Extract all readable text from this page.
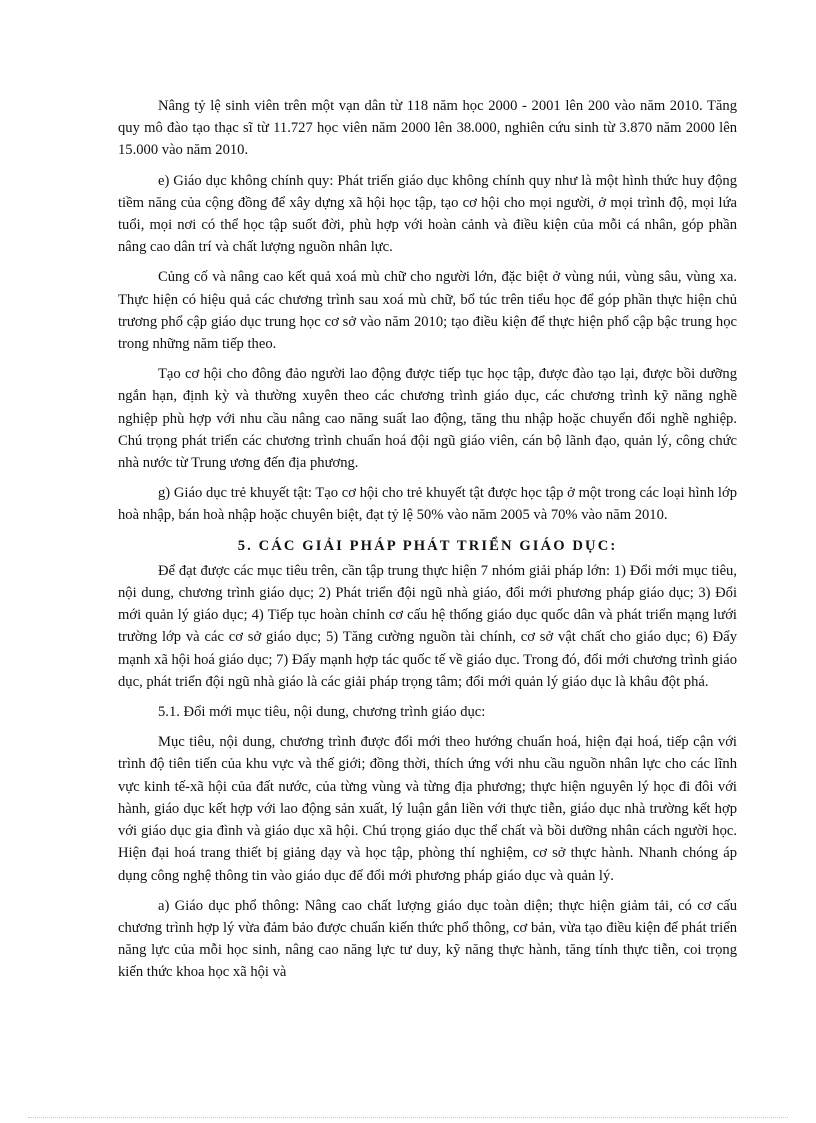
Nâng tỷ lệ sinh viên trên một vạn dân từ 118 năm học 2000 - 2001 lên 200 vào năm 2010. Tăng quy mô đào tạo thạc sĩ từ 11.727 học viên năm 2000 lên 38.000, nghiên cứu sinh từ 3.870 năm 2000 lên 15.000 vào năm 2010.

e) Giáo dục không chính quy: Phát triển giáo dục không chính quy như là một hình thức huy động tiềm năng của cộng đồng để xây dựng xã hội học tập, tạo cơ hội cho mọi người, ở mọi trình độ, mọi lứa tuổi, mọi nơi có thể học tập suốt đời, phù hợp với hoàn cảnh và điều kiện của mỗi cá nhân, góp phần nâng cao dân trí và chất lượng nguồn nhân lực.

Củng cố và nâng cao kết quả xoá mù chữ cho người lớn, đặc biệt ở vùng núi, vùng sâu, vùng xa. Thực hiện có hiệu quả các chương trình sau xoá mù chữ, bổ túc trên tiểu học để góp phần thực hiện chủ trương phổ cập giáo dục trung học cơ sở vào năm 2010; tạo điều kiện để thực hiện phổ cập bậc trung học trong những năm tiếp theo.

Tạo cơ hội cho đông đảo người lao động được tiếp tục học tập, được đào tạo lại, được bồi dưỡng ngắn hạn, định kỳ và thường xuyên theo các chương trình giáo dục, các chương trình kỹ năng nghề nghiệp phù hợp với nhu cầu nâng cao năng suất lao động, tăng thu nhập hoặc chuyển đổi nghề nghiệp. Chú trọng phát triển các chương trình chuẩn hoá đội ngũ giáo viên, cán bộ lãnh đạo, quản lý, công chức nhà nước từ Trung ương đến địa phương.

g) Giáo dục trẻ khuyết tật: Tạo cơ hội cho trẻ khuyết tật được học tập ở một trong các loại hình lớp hoà nhập, bán hoà nhập hoặc chuyên biệt, đạt tỷ lệ 50% vào năm 2005 và 70% vào năm 2010.

5. CÁC GIẢI PHÁP PHÁT TRIỂN GIÁO DỤC:

Để đạt được các mục tiêu trên, cần tập trung thực hiện 7 nhóm giải pháp lớn: 1) Đổi mới mục tiêu, nội dung, chương trình giáo dục; 2) Phát triển đội ngũ nhà giáo, đổi mới phương pháp giáo dục; 3) Đổi mới quản lý giáo dục; 4) Tiếp tục hoàn chỉnh cơ cấu hệ thống giáo dục quốc dân và phát triển mạng lưới trường lớp và các cơ sở giáo dục; 5) Tăng cường nguồn tài chính, cơ sở vật chất cho giáo dục; 6) Đẩy mạnh xã hội hoá giáo dục; 7) Đẩy mạnh hợp tác quốc tế về giáo dục. Trong đó, đổi mới chương trình giáo dục, phát triển đội ngũ nhà giáo là các giải pháp trọng tâm; đổi mới quản lý giáo dục là khâu đột phá.

5.1. Đổi mới mục tiêu, nội dung, chương trình giáo dục:

Mục tiêu, nội dung, chương trình được đổi mới theo hướng chuẩn hoá, hiện đại hoá, tiếp cận với trình độ tiên tiến của khu vực và thế giới; đồng thời, thích ứng với nhu cầu nguồn nhân lực cho các lĩnh vực kinh tế-xã hội của đất nước, của từng vùng và từng địa phương; thực hiện nguyên lý học đi đôi với hành, giáo dục kết hợp với lao động sản xuất, lý luận gắn liền với thực tiễn, giáo dục nhà trường kết hợp với giáo dục gia đình và giáo dục xã hội. Chú trọng giáo dục thể chất và bồi dưỡng nhân cách người học. Hiện đại hoá trang thiết bị giảng dạy và học tập, phòng thí nghiệm, cơ sở thực hành. Nhanh chóng áp dụng công nghệ thông tin vào giáo dục để đổi mới phương pháp giáo dục và quản lý.

a) Giáo dục phổ thông: Nâng cao chất lượng giáo dục toàn diện; thực hiện giảm tải, có cơ cấu chương trình hợp lý vừa đảm bảo được chuẩn kiến thức phổ thông, cơ bản, vừa tạo điều kiện để phát triển năng lực của mỗi học sinh, nâng cao năng lực tư duy, kỹ năng thực hành, tăng tính thực tiễn, coi trọng kiến thức khoa học xã hội và
